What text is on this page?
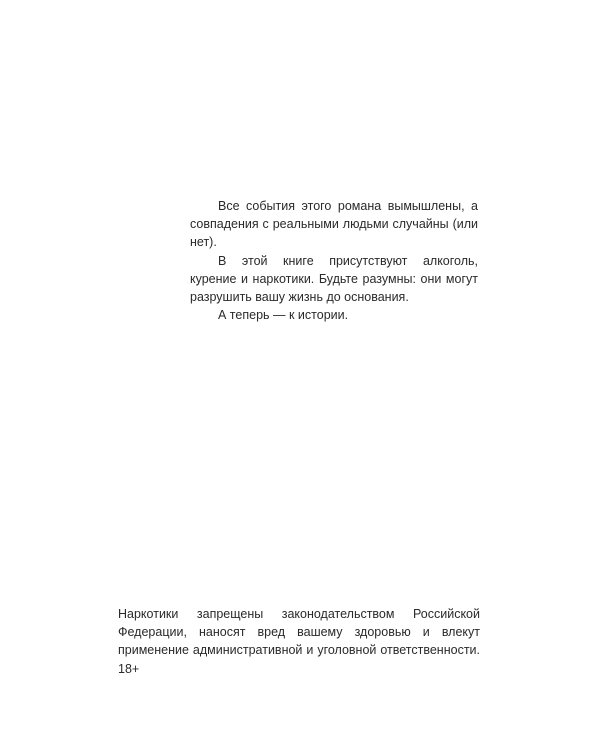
Все события этого романа вымышлены, а совпадения с реальными людьми случайны (или нет).

В этой книге присутствуют алкоголь, курение и наркотики. Будьте разумны: они могут разрушить вашу жизнь до основания.

А теперь — к истории.

Наркотики запрещены законодательством Российской Федерации, наносят вред вашему здоровью и влекут применение административной и уголовной ответственности. 18+
